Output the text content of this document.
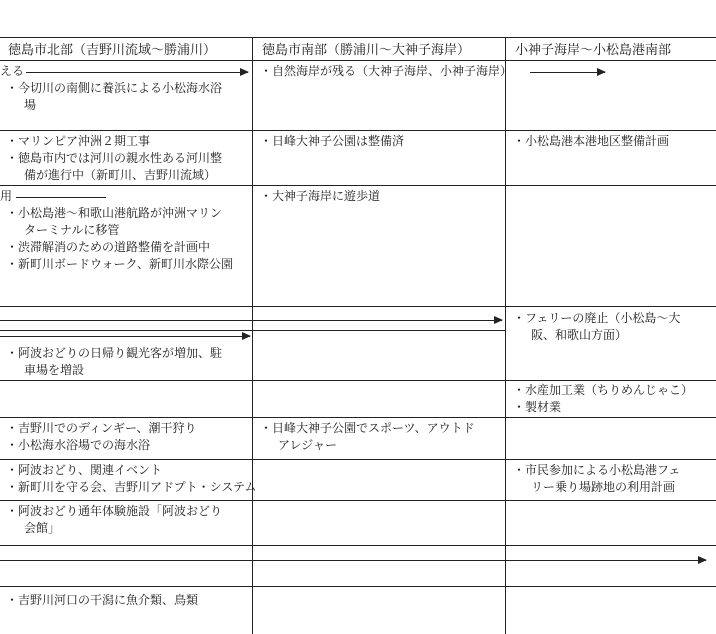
徳島市北部（吉野川流域～勝浦川）	徳島市南部（勝浦川～大神子海岸）	小神子海岸～小松島港南部
える
・ 今切川の南側に養浜による小松海水浴
場
・ 自然海岸が残る（大神子海岸、小神子海岸）
・ マリンピア沖洲２期工事
・ 徳島市内では河川の親水性ある河川整
備が進行中（新町川、吉野川流域）
・ 日峰大神子公園は整備済
・	小松島港本港地区整備計画
用
・ 小松島港～和歌山港航路が沖洲マリン
ターミナルに移管
・ 渋滞解消のための道路整備を計画中
・ 新町川ボードウォーク、新町川水際公園
・ 大神子海岸に遊歩道
・ フェリーの廃止（小松島～大
阪、和歌山方面）
・ 阿波おどりの日帰り観光客が増加、駐
車場を増設
・ 水産加工業（ちりめんじゃこ）
・ 製材業
・ 吉野川でのディンギー、潮干狩り
・ 小松海水浴場での海水浴
・ 日峰大神子公園でスポーツ、アウトド
アレジャー
・ 阿波おどり、関連イベント
・ 新町川を守る会、吉野川アドプト・システム
・ 市民参加による小松島港フェ
リー乗り場跡地の利用計画
・ 阿波おどり通年体験施設「阿波おどり
会館」
・ 吉野川河口の干潟に魚介類、鳥類
